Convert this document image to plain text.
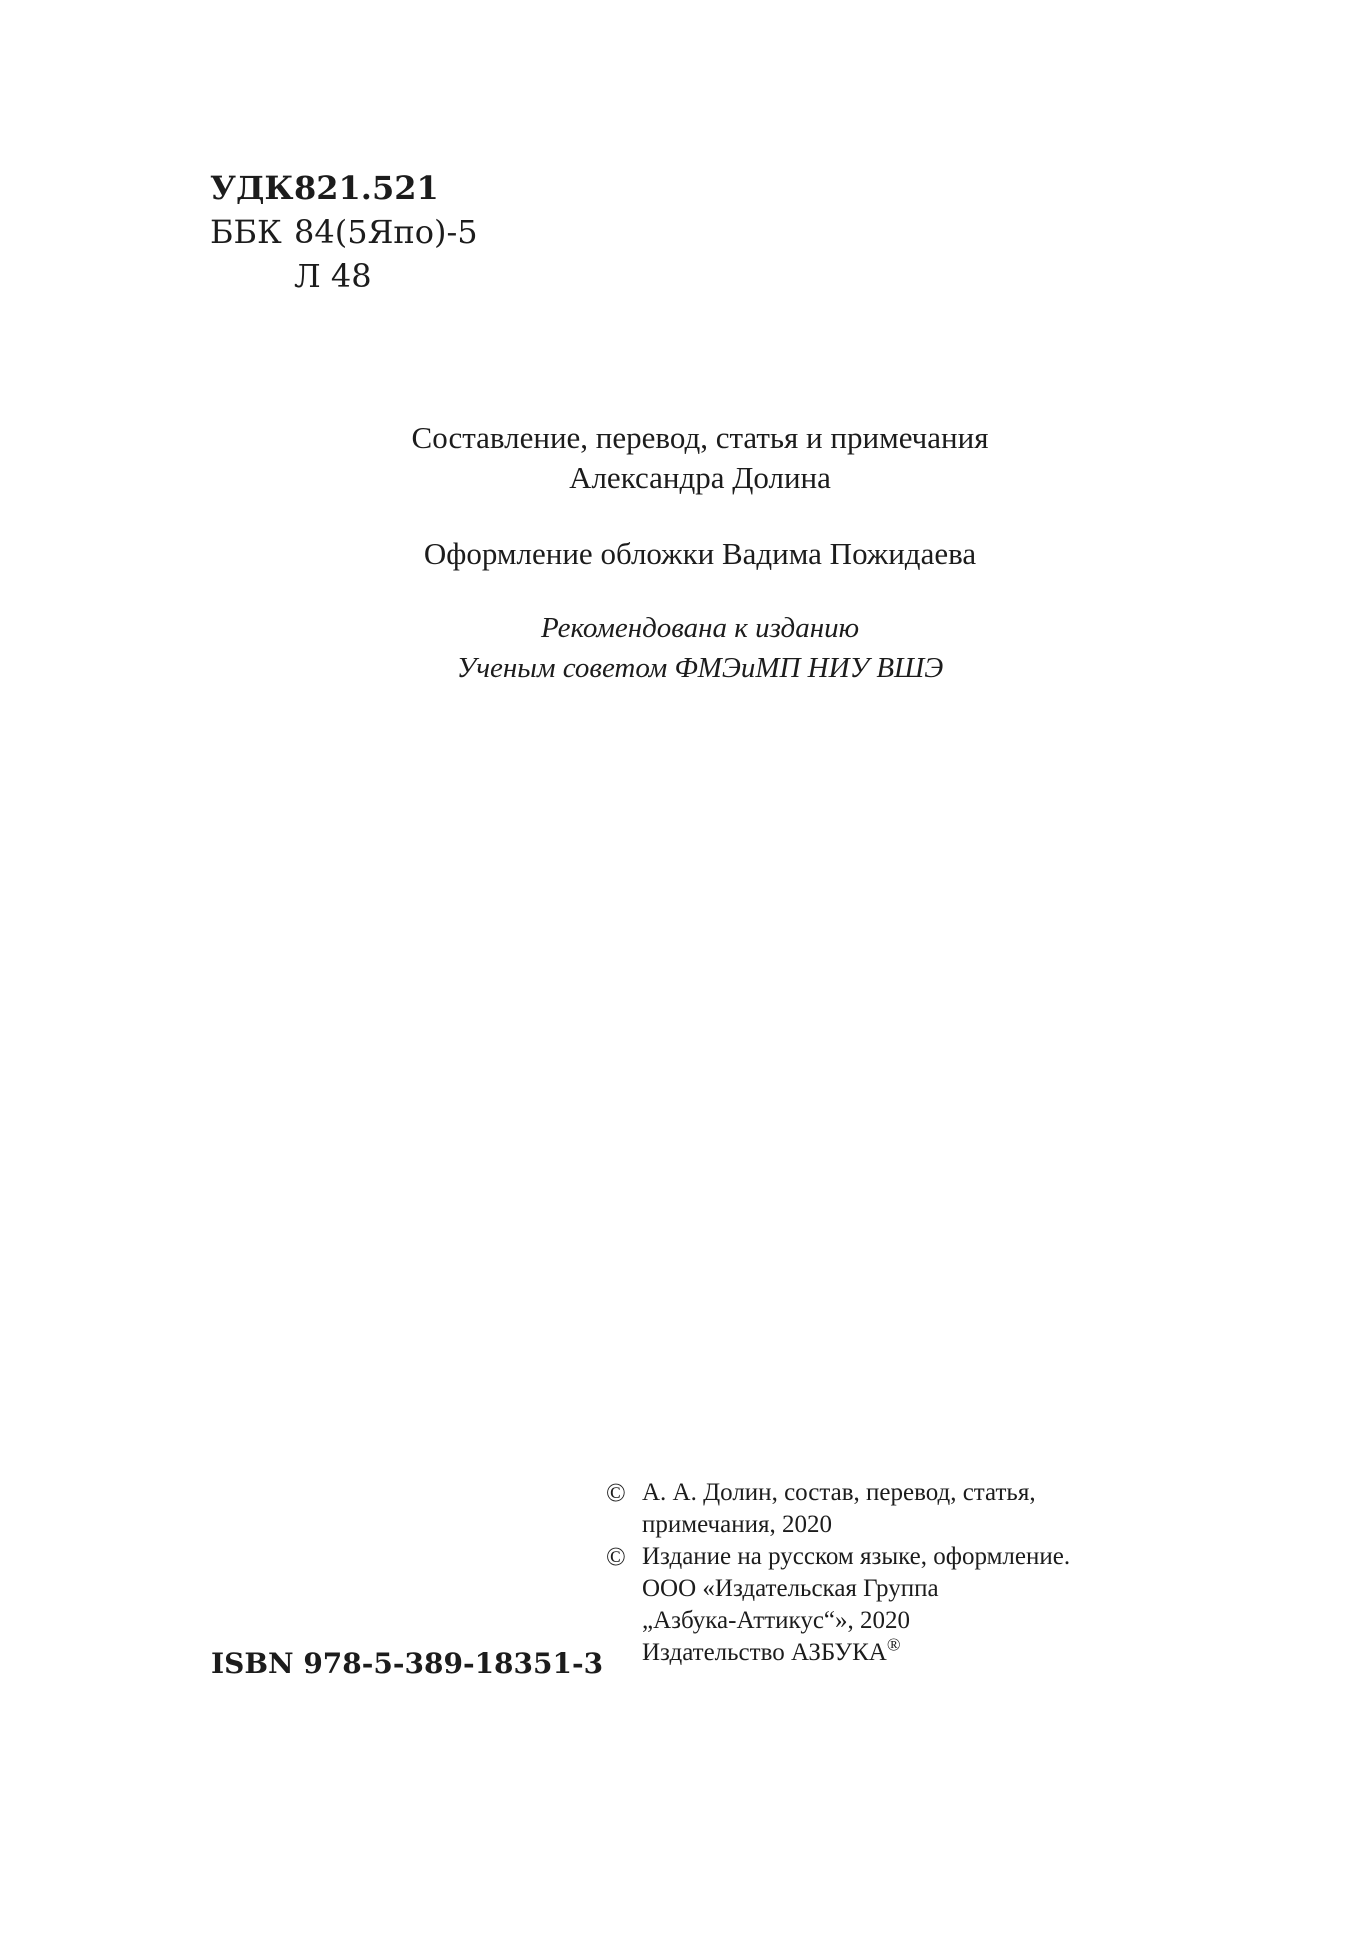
УДК 821.521
ББК 84(5Япо)-5
Л 48
Составление, перевод, статья и примечания
Александра Долина
Оформление обложки Вадима Пожидаева
Рекомендована к изданию
Ученым советом ФМЭиМП НИУ ВШЭ
© А. А. Долин, состав, перевод, статья,
примечания, 2020
© Издание на русском языке, оформление.
ООО «Издательская Группа
„Азбука-Аттикус“», 2020
Издательство АЗБУКА®
ISBN 978-5-389-18351-3
